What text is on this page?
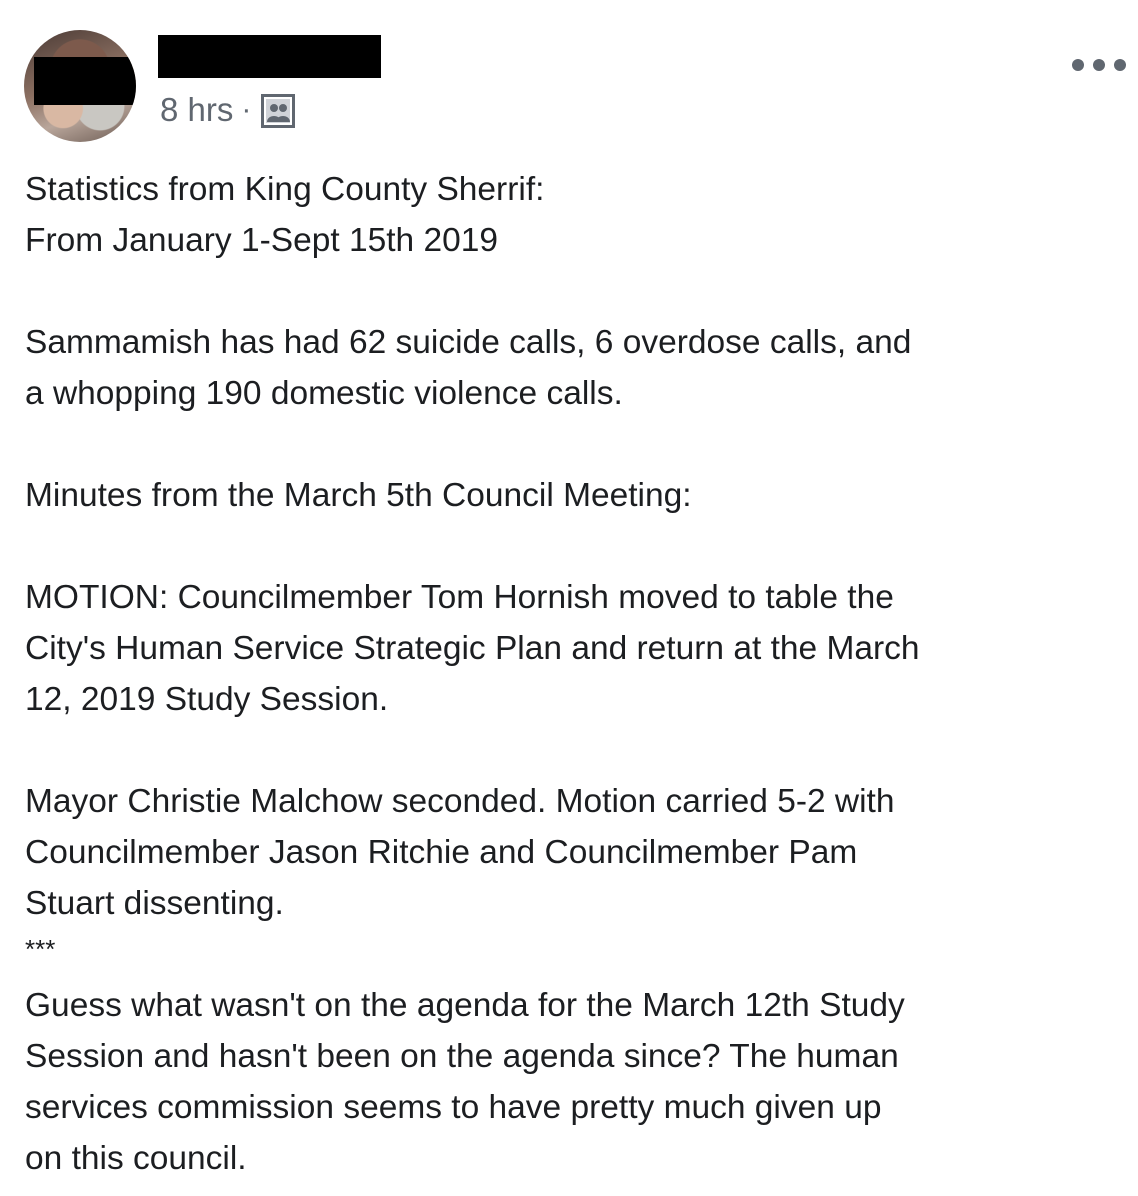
8 hrs ·
Statistics from King County Sherrif:
From January 1-Sept 15th 2019
Sammamish has had 62 suicide calls, 6 overdose calls, and
a whopping 190 domestic violence calls.
Minutes from the March 5th Council Meeting:
MOTION: Councilmember Tom Hornish moved to table the
City's Human Service Strategic Plan and return at the March
12, 2019 Study Session.
Mayor Christie Malchow seconded. Motion carried 5-2 with
Councilmember Jason Ritchie and Councilmember Pam
Stuart dissenting.
***
Guess what wasn't on the agenda for the March 12th Study
Session and hasn't been on the agenda since? The human
services commission seems to have pretty much given up
on this council.
